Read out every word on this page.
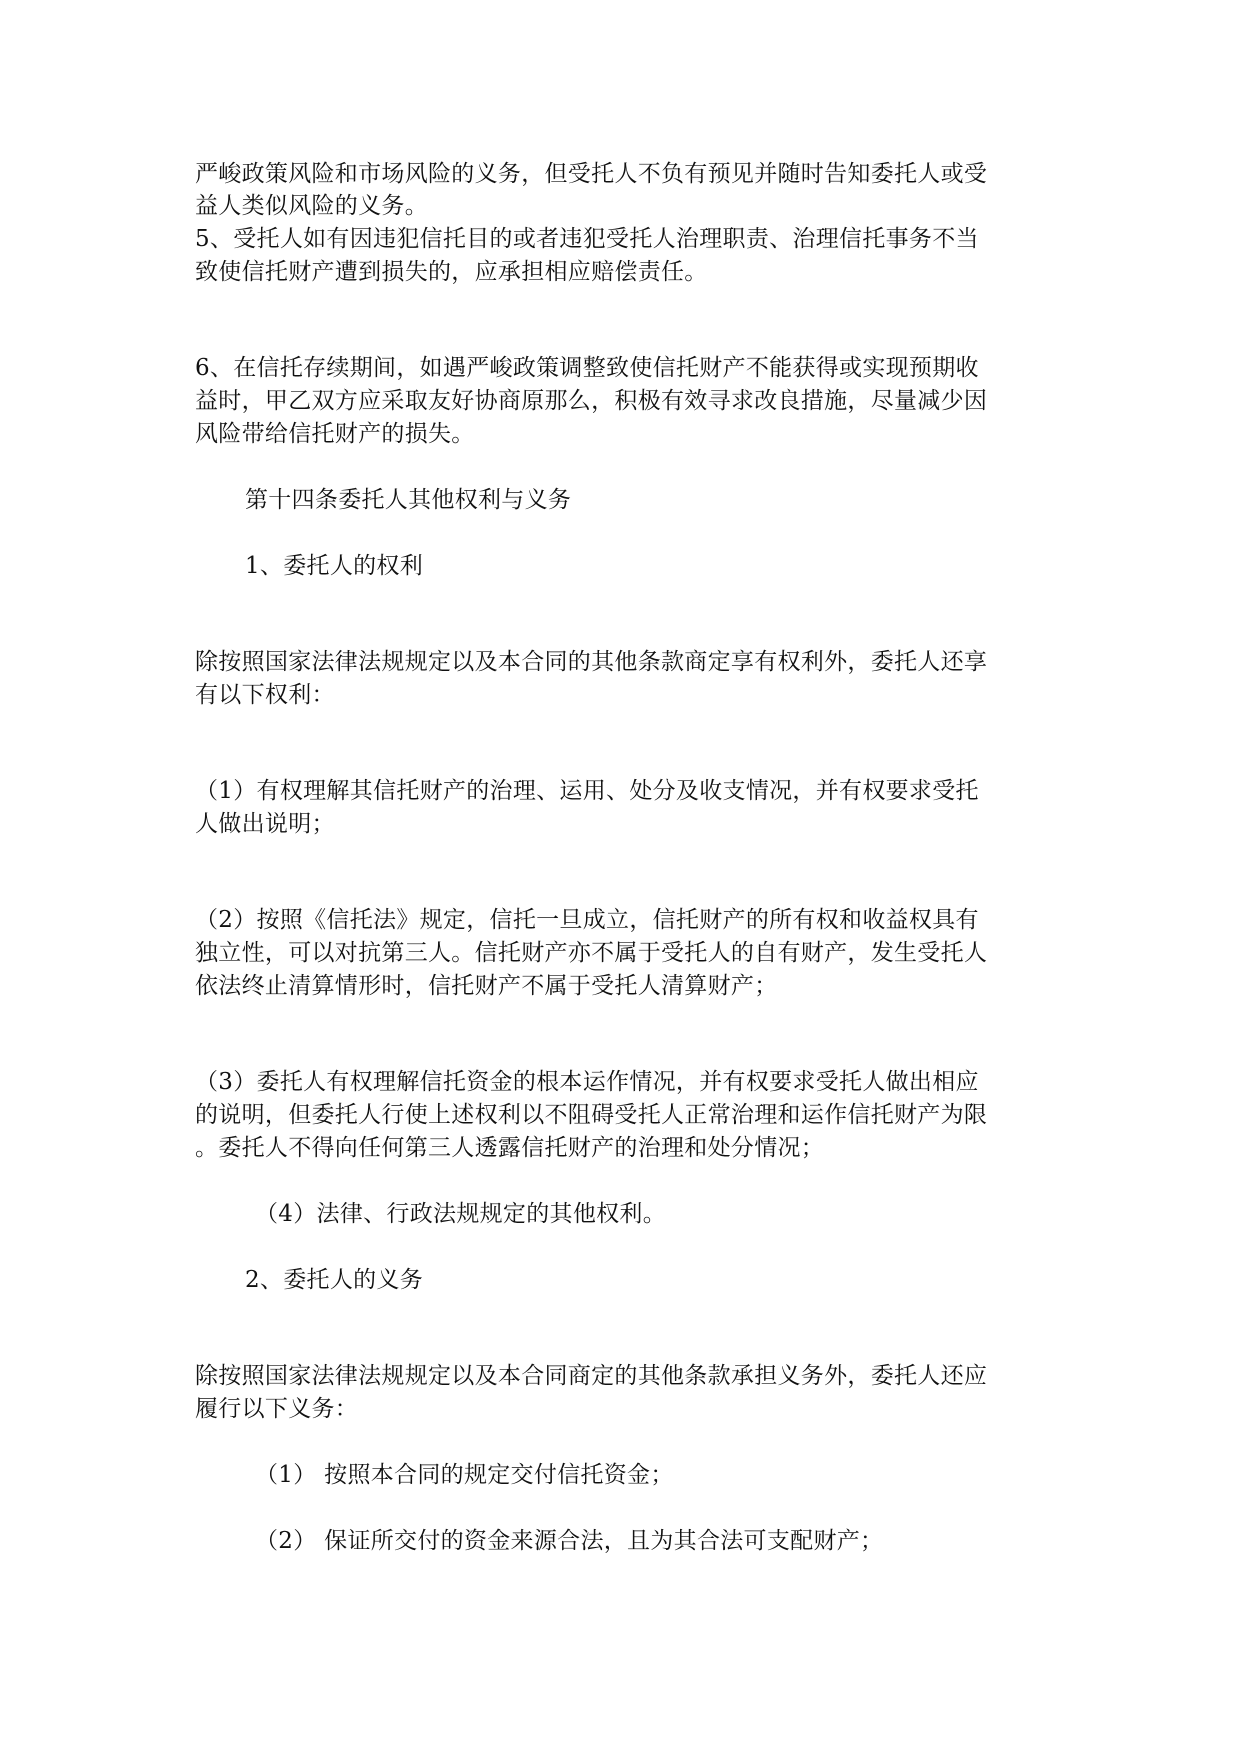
严峻政策风险和市场风险的义务，但受托人不负有预见并随时告知委托人或受
益人类似风险的义务。
5、受托人如有因违犯信托目的或者违犯受托人治理职责、治理信托事务不当
致使信托财产遭到损失的，应承担相应赔偿责任。
6、在信托存续期间，如遇严峻政策调整致使信托财产不能获得或实现预期收
益时，甲乙双方应采取友好协商原那么，积极有效寻求改良措施，尽量减少因
风险带给信托财产的损失。
第十四条委托人其他权利与义务
1、委托人的权利
除按照国家法律法规规定以及本合同的其他条款商定享有权利外，委托人还享
有以下权利：
（1）有权理解其信托财产的治理、运用、处分及收支情况，并有权要求受托
人做出说明；
（2）按照《信托法》规定，信托一旦成立，信托财产的所有权和收益权具有
独立性，可以对抗第三人。信托财产亦不属于受托人的自有财产，发生受托人
依法终止清算情形时，信托财产不属于受托人清算财产；
（3）委托人有权理解信托资金的根本运作情况，并有权要求受托人做出相应
的说明，但委托人行使上述权利以不阻碍受托人正常治理和运作信托财产为限
。委托人不得向任何第三人透露信托财产的治理和处分情况；
（4）法律、行政法规规定的其他权利。
2、委托人的义务
除按照国家法律法规规定以及本合同商定的其他条款承担义务外，委托人还应
履行以下义务：
（1） 按照本合同的规定交付信托资金；
（2） 保证所交付的资金来源合法，且为其合法可支配财产；
